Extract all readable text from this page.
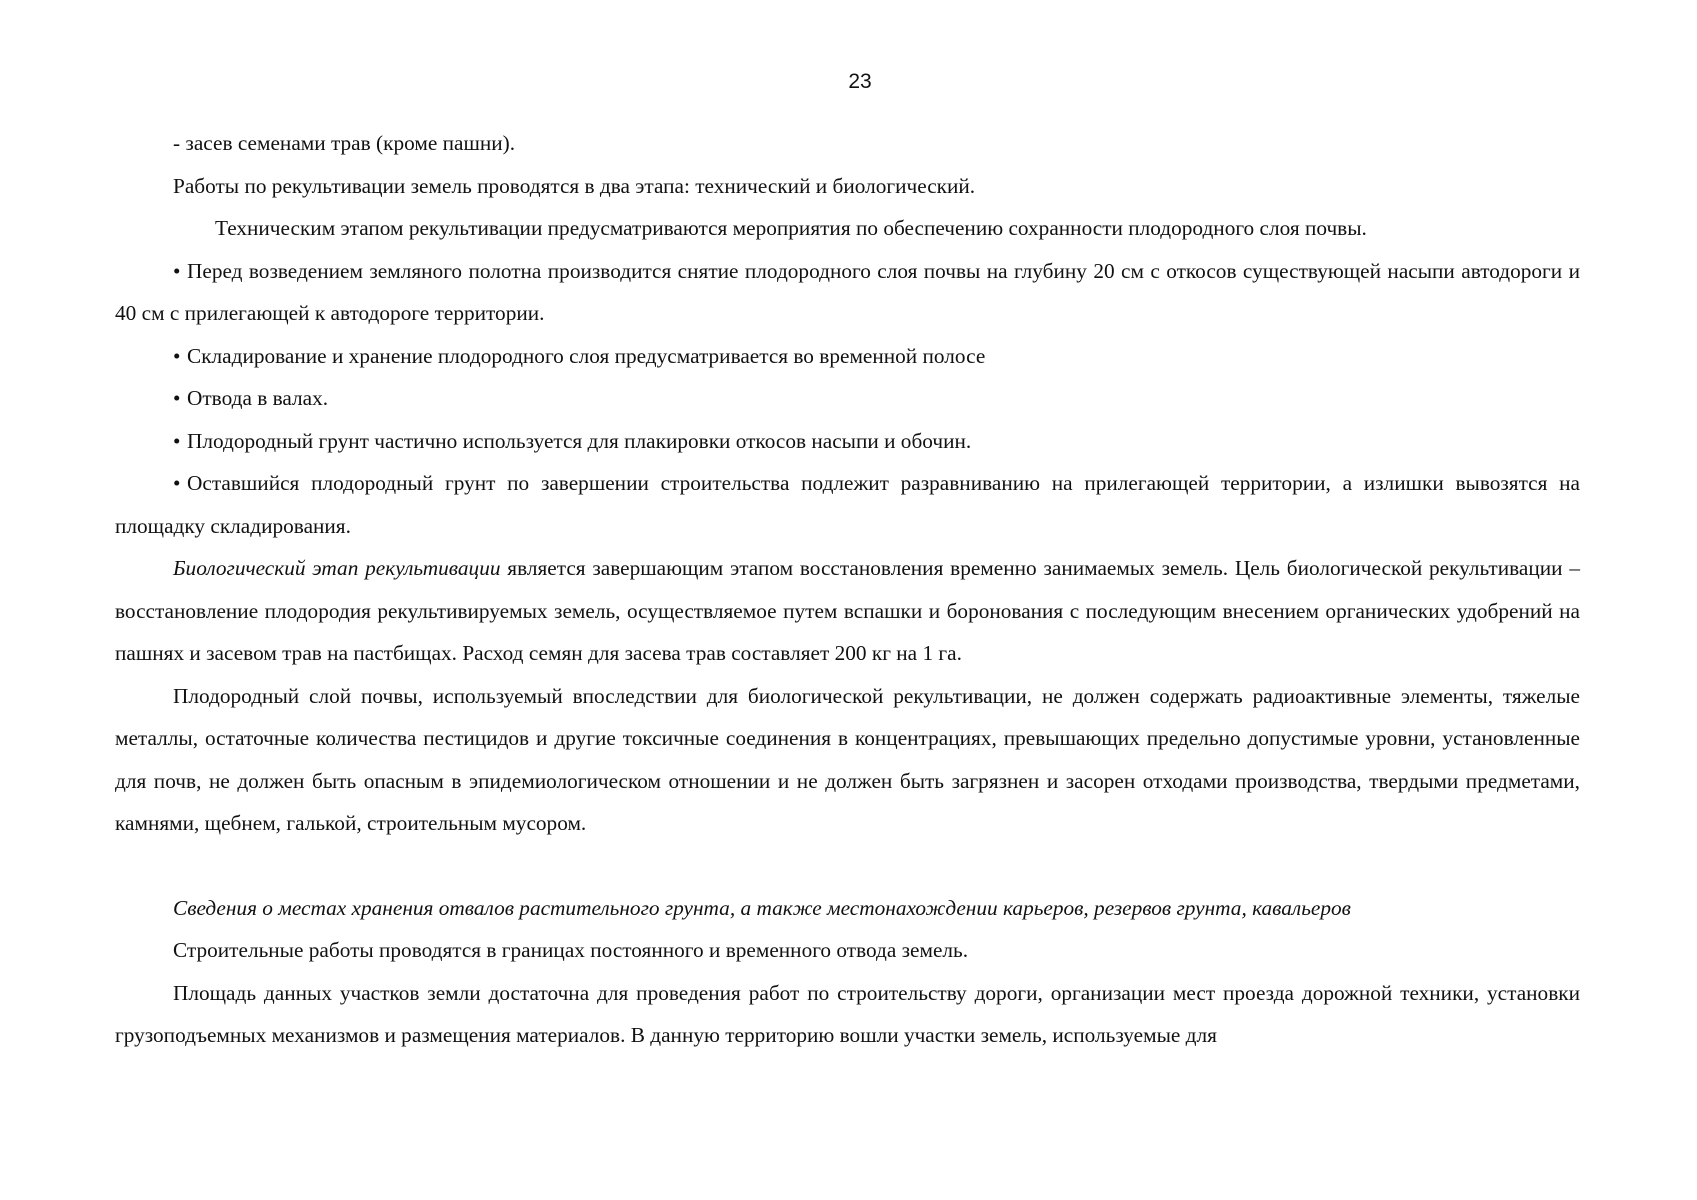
23

- засев семенами трав (кроме пашни).

Работы по рекультивации земель проводятся в два этапа: технический и биологический.

Техническим этапом рекультивации предусматриваются мероприятия по обеспечению сохранности плодородного слоя почвы.

• Перед возведением земляного полотна производится снятие плодородного слоя почвы на глубину 20 см с откосов существующей насыпи автодороги и 40 см с прилегающей к автодороге территории.

• Складирование и хранение плодородного слоя предусматривается во временной полосе

• Отвода в валах.

• Плодородный грунт частично используется для плакировки откосов насыпи и обочин.

• Оставшийся плодородный грунт по завершении строительства подлежит разравниванию на прилегающей территории, а излишки вывозятся на площадку складирования.

Биологический этап рекультивации является завершающим этапом восстановления временно занимаемых земель. Цель биологической рекультивации – восстановление плодородия рекультивируемых земель, осуществляемое путем вспашки и боронования с последующим внесением органических удобрений на пашнях и засевом трав на пастбищах. Расход семян для засева трав составляет 200 кг на 1 га.

Плодородный слой почвы, используемый впоследствии для биологической рекультивации, не должен содержать радиоактивные элементы, тяжелые металлы, остаточные количества пестицидов и другие токсичные соединения в концентрациях, превышающих предельно допустимые уровни, установленные для почв, не должен быть опасным в эпидемиологическом отношении и не должен быть загрязнен и засорен отходами производства, твердыми предметами, камнями, щебнем, галькой, строительным мусором.

Сведения о местах хранения отвалов растительного грунта, а также местонахождении карьеров, резервов грунта, кавальеров

Строительные работы проводятся в границах постоянного и временного отвода земель.

Площадь данных участков земли достаточна для проведения работ по строительству дороги, организации мест проезда дорожной техники, установки грузоподъемных механизмов и размещения материалов. В данную территорию вошли участки земель, используемые для
